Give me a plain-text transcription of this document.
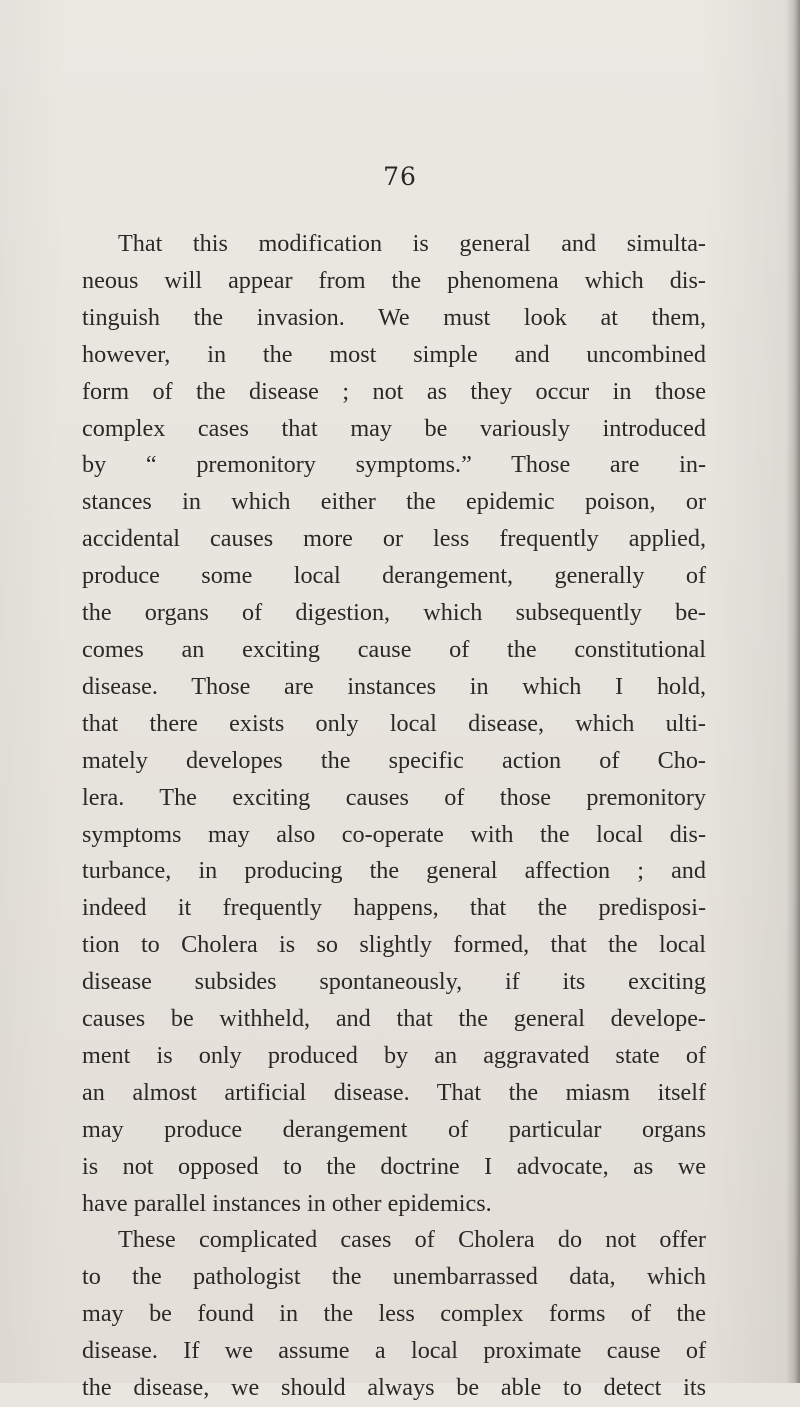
76
That this modification is general and simulta-
neous will appear from the phenomena which dis-
tinguish the invasion. We must look at them,
however, in the most simple and uncombined
form of the disease ; not as they occur in those
complex cases that may be variously introduced
by “ premonitory symptoms.” Those are in-
stances in which either the epidemic poison, or
accidental causes more or less frequently applied,
produce some local derangement, generally of
the organs of digestion, which subsequently be-
comes an exciting cause of the constitutional
disease. Those are instances in which I hold,
that there exists only local disease, which ulti-
mately developes the specific action of Cho-
lera. The exciting causes of those premonitory
symptoms may also co-operate with the local dis-
turbance, in producing the general affection ; and
indeed it frequently happens, that the predisposi-
tion to Cholera is so slightly formed, that the local
disease subsides spontaneously, if its exciting
causes be withheld, and that the general develope-
ment is only produced by an aggravated state of
an almost artificial disease. That the miasm itself
may produce derangement of particular organs
is not opposed to the doctrine I advocate, as we
have parallel instances in other epidemics.
These complicated cases of Cholera do not offer
to the pathologist the unembarrassed data, which
may be found in the less complex forms of the
disease. If we assume a local proximate cause of
the disease, we should always be able to detect its
